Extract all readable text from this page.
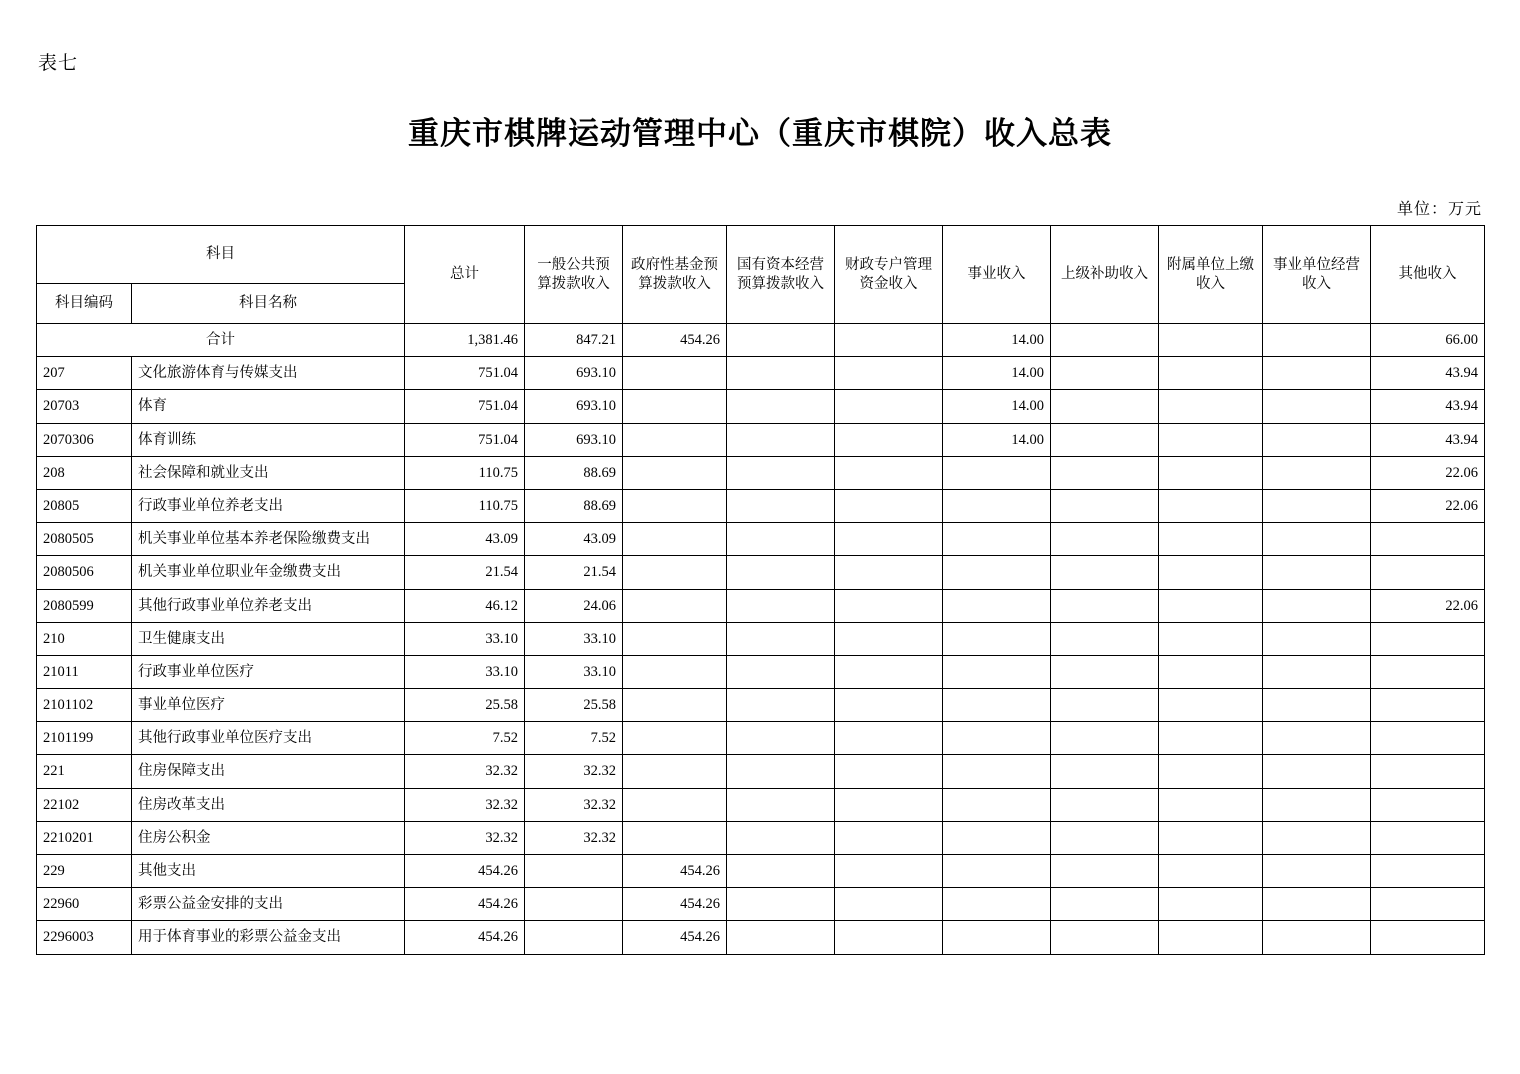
表七
重庆市棋牌运动管理中心（重庆市棋院）收入总表
单位：万元
科目		总计	一般公共预算拨款收入	政府性基金预算拨款收入	国有资本经营预算拨款收入	财政专户管理资金收入	事业收入	上级补助收入	附属单位上缴收入	事业单位经营收入	其他收入
科目编码	科目名称										
合计		1,381.46	847.21	454.26			14.00				66.00
207	文化旅游体育与传媒支出	751.04	693.10				14.00				43.94
20703	体育	751.04	693.10				14.00				43.94
2070306	体育训练	751.04	693.10				14.00				43.94
208	社会保障和就业支出	110.75	88.69								22.06
20805	行政事业单位养老支出	110.75	88.69								22.06
2080505	机关事业单位基本养老保险缴费支出	43.09	43.09								
2080506	机关事业单位职业年金缴费支出	21.54	21.54								
2080599	其他行政事业单位养老支出	46.12	24.06								22.06
210	卫生健康支出	33.10	33.10								
21011	行政事业单位医疗	33.10	33.10								
2101102	事业单位医疗	25.58	25.58								
2101199	其他行政事业单位医疗支出	7.52	7.52								
221	住房保障支出	32.32	32.32								
22102	住房改革支出	32.32	32.32								
2210201	住房公积金	32.32	32.32								
229	其他支出	454.26		454.26							
22960	彩票公益金安排的支出	454.26		454.26							
2296003	用于体育事业的彩票公益金支出	454.26		454.26							
